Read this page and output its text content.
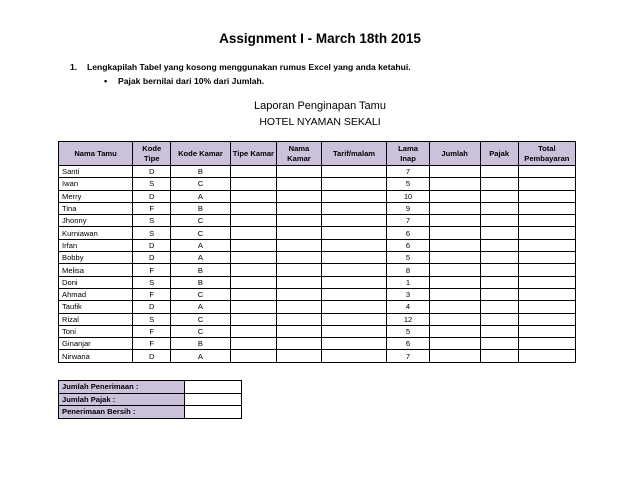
Assignment I - March 18th 2015
1. Lengkapilah Tabel yang kosong menggunakan rumus Excel yang anda ketahui.
• Pajak bernilai dari 10% dari Jumlah.
Laporan Penginapan Tamu
HOTEL NYAMAN SEKALI
Nama Tamu	Kode Tipe	Kode Kamar	Tipe Kamar	Nama Kamar	Tarif/malam	Lama Inap	Jumlah	Pajak	Total Pembayaran
Santi	D	B				7			
Iwan	S	C				5			
Merry	D	A				10			
Tina	F	B				9			
Jhonny	S	C				7			
Kurniawan	S	C				6			
Irfan	D	A				6			
Bobby	D	A				5			
Melisa	F	B				8			
Doni	S	B				1			
Ahmad	F	C				3			
Taufik	D	A				4			
Rizal	S	C				12			
Toni	F	C				5			
Ginanjar	F	B				6			
Nirwana	D	A				7			
Jumlah Penerimaan :	
Jumlah Pajak :	
Penerimaan Bersih :	
